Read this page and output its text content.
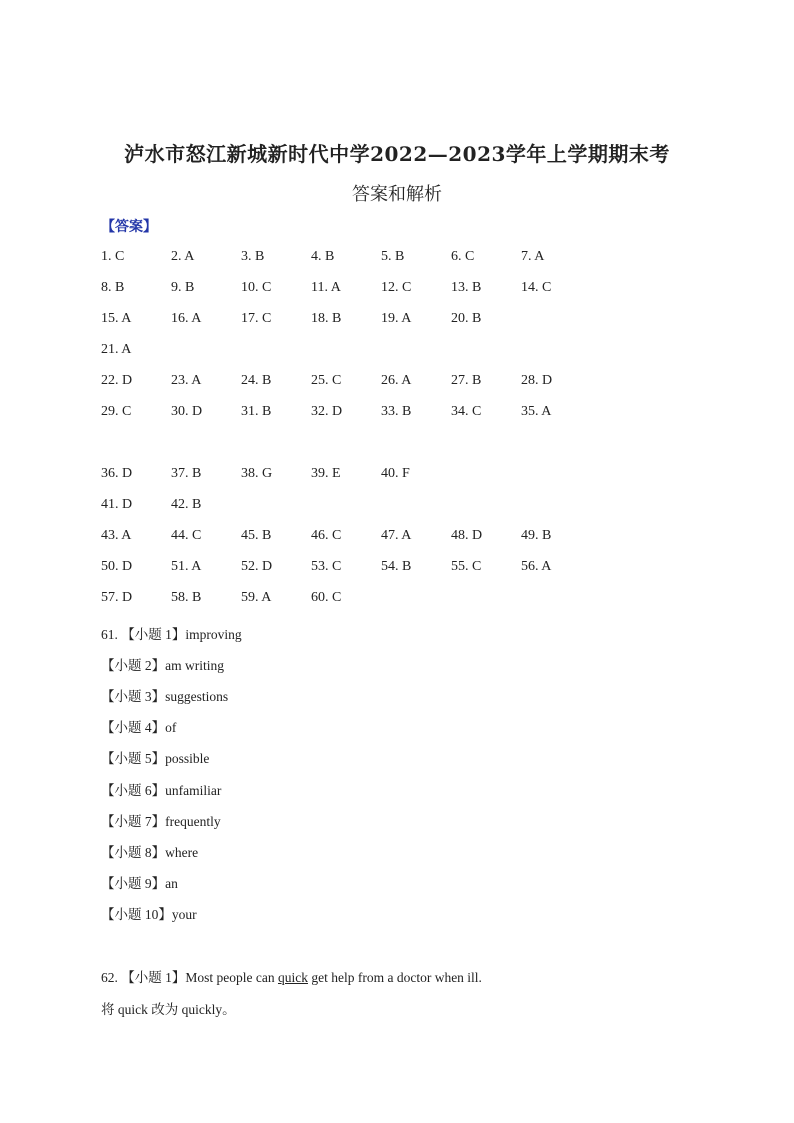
泸水市怒江新城新时代中学2022—2023学年上学期期末考
答案和解析
【答案】
1. C	2. A	3. B	4. B	5. B	6. C	7. A
8. B	9. B	10. C	11. A	12. C	13. B	14. C
15. A	16. A	17. C	18. B	19. A	20. B
21. A
22. D	23. A	24. B	25. C	26. A	27. B	28. D
29. C	30. D	31. B	32. D	33. B	34. C	35. A
36. D	37. B	38. G	39. E	40. F
41. D	42. B
43. A	44. C	45. B	46. C	47. A	48. D	49. B
50. D	51. A	52. D	53. C	54. B	55. C	56. A
57. D	58. B	59. A	60. C
61. 【小题 1】improving
【小题 2】am writing
【小题 3】suggestions
【小题 4】of
【小题 5】possible
【小题 6】unfamiliar
【小题 7】frequently
【小题 8】where
【小题 9】an
【小题 10】your
62. 【小题 1】Most people can quick get help from a doctor when ill.
将 quick 改为 quickly。
